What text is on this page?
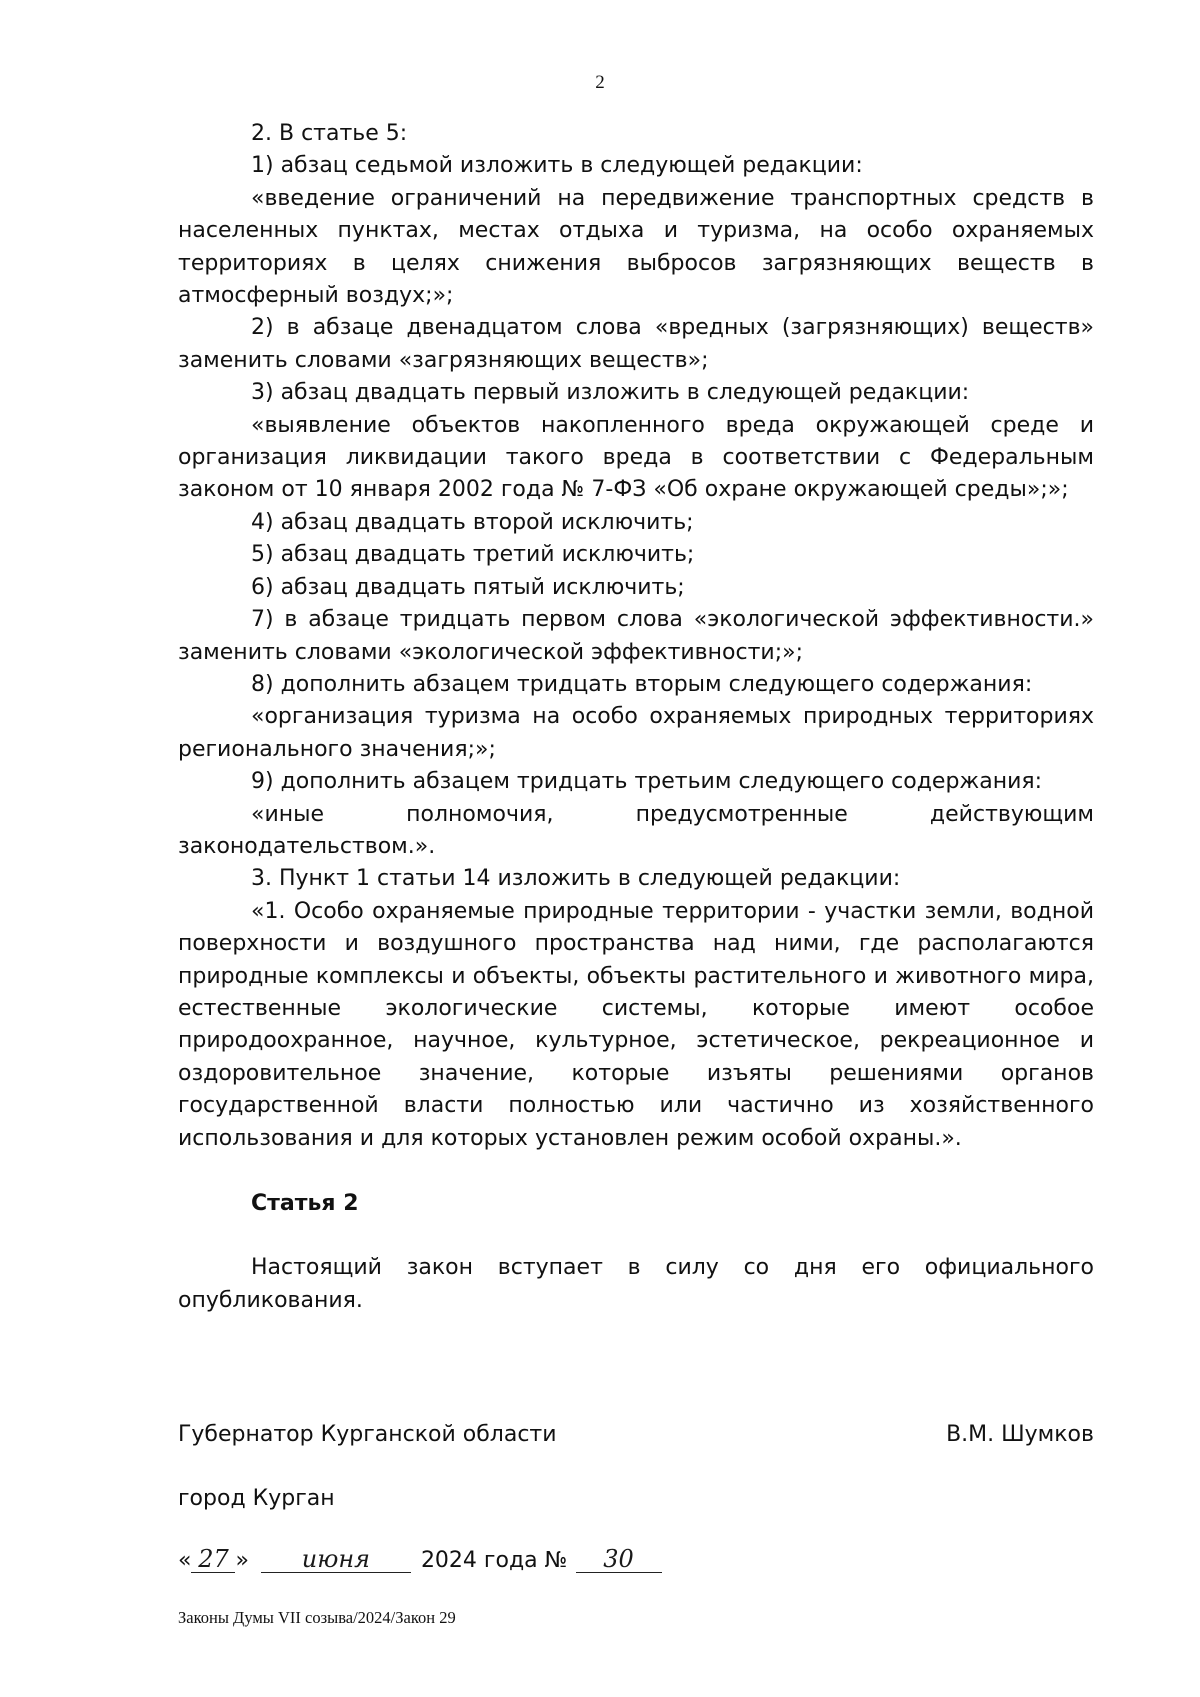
2

2. В статье 5:

1) абзац седьмой изложить в следующей редакции:

«введение ограничений на передвижение транспортных средств в населенных пунктах, местах отдыха и туризма, на особо охраняемых территориях в целях снижения выбросов загрязняющих веществ в атмосферный воздух;»;

2) в абзаце двенадцатом слова «вредных (загрязняющих) веществ» заменить словами «загрязняющих веществ»;

3) абзац двадцать первый изложить в следующей редакции:

«выявление объектов накопленного вреда окружающей среде и организация ликвидации такого вреда в соответствии с Федеральным законом от 10 января 2002 года № 7-ФЗ «Об охране окружающей среды»;»;

4) абзац двадцать второй исключить;

5) абзац двадцать третий исключить;

6) абзац двадцать пятый исключить;

7) в абзаце тридцать первом слова «экологической эффективности.» заменить словами «экологической эффективности;»;

8) дополнить абзацем тридцать вторым следующего содержания:

«организация туризма на особо охраняемых природных территориях регионального значения;»;

9) дополнить абзацем тридцать третьим следующего содержания:

«иные полномочия, предусмотренные действующим законодательством.».

3. Пункт 1 статьи 14 изложить в следующей редакции:

«1. Особо охраняемые природные территории - участки земли, водной поверхности и воздушного пространства над ними, где располагаются природные комплексы и объекты, объекты растительного и животного мира, естественные экологические системы, которые имеют особое природоохранное, научное, культурное, эстетическое, рекреационное и оздоровительное значение, которые изъяты решениями органов государственной власти полностью или частично из хозяйственного использования и для которых установлен режим особой охраны.».

Статья 2

Настоящий закон вступает в силу со дня его официального опубликования.

Губернатор Курганской области	В.М. Шумков
город Курган
« 27 »	июня	2024 года №	30
Законы Думы VII созыва/2024/Закон 29
